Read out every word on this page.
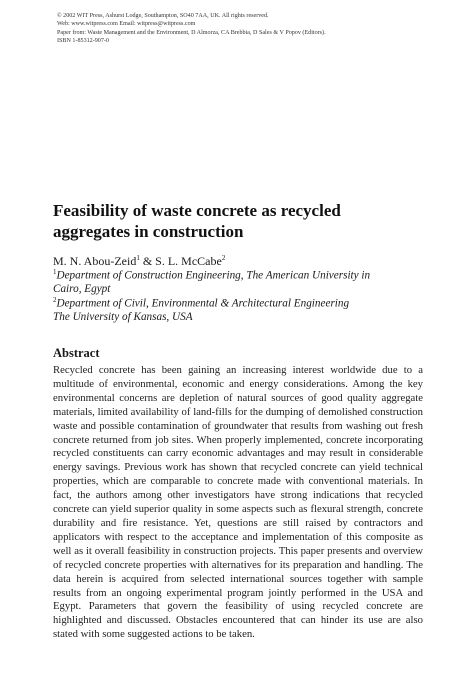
© 2002 WIT Press, Ashurst Lodge, Southampton, SO40 7AA, UK. All rights reserved.
Web: www.witpress.com Email: witpress@witpress.com
Paper from: Waste Management and the Environment, D Almorza, CA Brebbia, D Sales & V Popov (Editors).
ISBN 1-85312-907-0
Feasibility of waste concrete as recycled
aggregates in construction
M. N. Abou-Zeid$^1$ & S. L. McCabe$^2$
$^1$Department of Construction Engineering, The American University in
Cairo, Egypt
$^2$Department of Civil, Environmental & Architectural Engineering
The University of Kansas, USA
Abstract
Recycled concrete has been gaining an increasing interest worldwide due to a multitude of environmental, economic and energy considerations. Among the key environmental concerns are depletion of natural sources of good quality aggregate materials, limited availability of land-fills for the dumping of demolished construction waste and possible contamination of groundwater that results from washing out fresh concrete returned from job sites. When properly implemented, concrete incorporating recycled constituents can carry economic advantages and may result in considerable energy savings. Previous work has shown that recycled concrete can yield technical properties, which are comparable to concrete made with conventional materials. In fact, the authors among other investigators have strong indications that recycled concrete can yield superior quality in some aspects such as flexural strength, concrete durability and fire resistance. Yet, questions are still raised by contractors and applicators with respect to the acceptance and implementation of this composite as well as it overall feasibility in construction projects. This paper presents and overview of recycled concrete properties with alternatives for its preparation and handling. The data herein is acquired from selected international sources together with sample results from an ongoing experimental program jointly performed in the USA and Egypt. Parameters that govern the feasibility of using recycled concrete are highlighted and discussed. Obstacles encountered that can hinder its use are also stated with some suggested actions to be taken.
